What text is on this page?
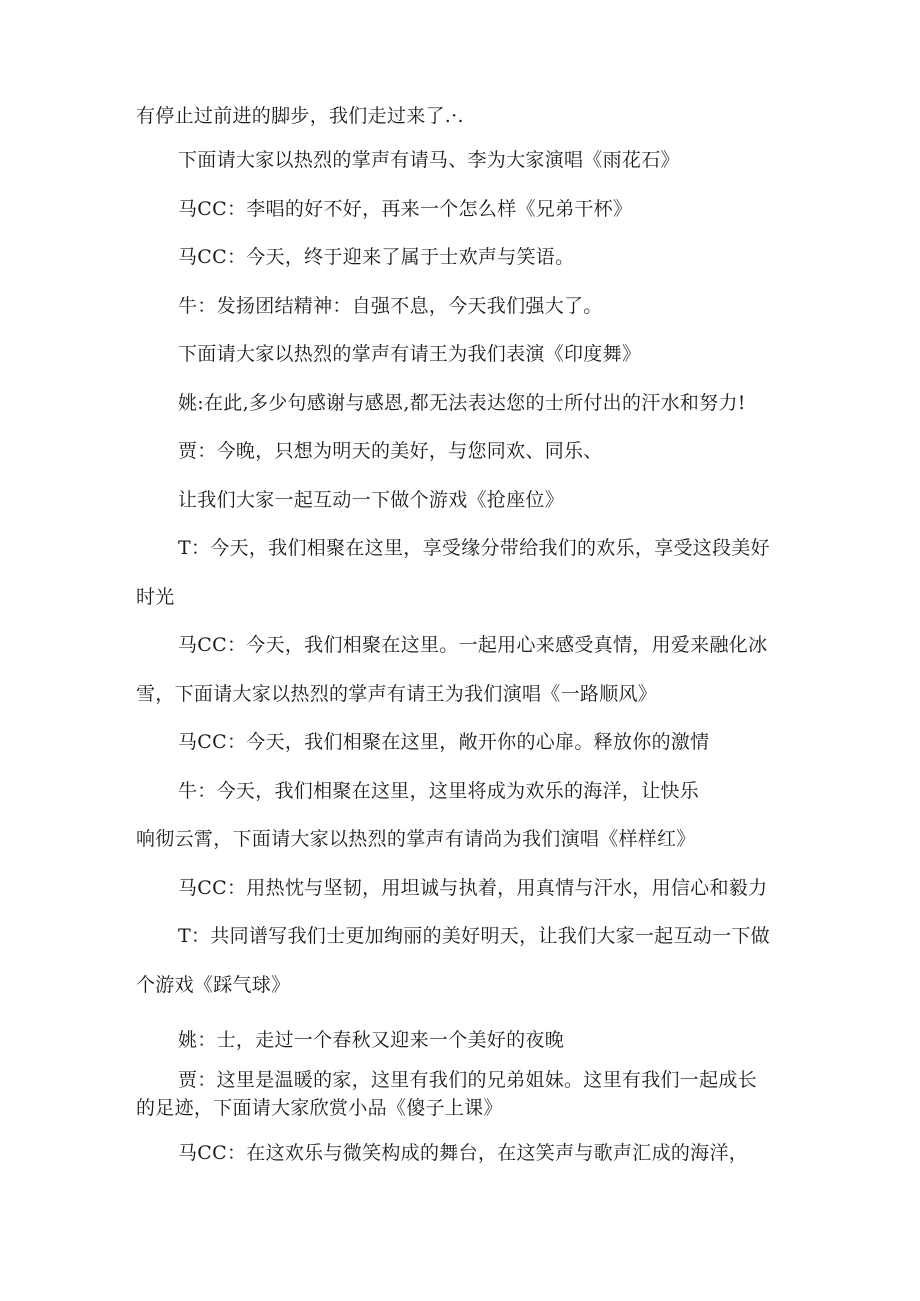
有停止过前进的脚步，我们走过来了.·.
下面请大家以热烈的掌声有请马、李为大家演唱《雨花石》
马CC：李唱的好不好，再来一个怎么样《兄弟干杯》
马CC：今天，终于迎来了属于士欢声与笑语。
牛：发扬团结精神：自强不息，今天我们强大了。
下面请大家以热烈的掌声有请王为我们表演《印度舞》
姚:在此,多少句感谢与感恩,都无法表达您的士所付出的汗水和努力!
贾：今晚，只想为明天的美好，与您同欢、同乐、
让我们大家一起互动一下做个游戏《抢座位》
T：今天，我们相聚在这里，享受缘分带给我们的欢乐，享受这段美好
时光
马CC：今天，我们相聚在这里。一起用心来感受真情，用爱来融化冰
雪，下面请大家以热烈的掌声有请王为我们演唱《一路顺风》
马CC：今天，我们相聚在这里，敞开你的心扉。释放你的激情
牛：今天，我们相聚在这里，这里将成为欢乐的海洋，让快乐
响彻云霄，下面请大家以热烈的掌声有请尚为我们演唱《样样红》
马CC：用热忱与坚韧，用坦诚与执着，用真情与汗水，用信心和毅力
T：共同谱写我们士更加绚丽的美好明天，让我们大家一起互动一下做
个游戏《踩气球》
姚：士，走过一个春秋又迎来一个美好的夜晚
贾：这里是温暖的家，这里有我们的兄弟姐妹。这里有我们一起成长
的足迹，下面请大家欣赏小品《傻子上课》
马CC：在这欢乐与微笑构成的舞台，在这笑声与歌声汇成的海洋，
